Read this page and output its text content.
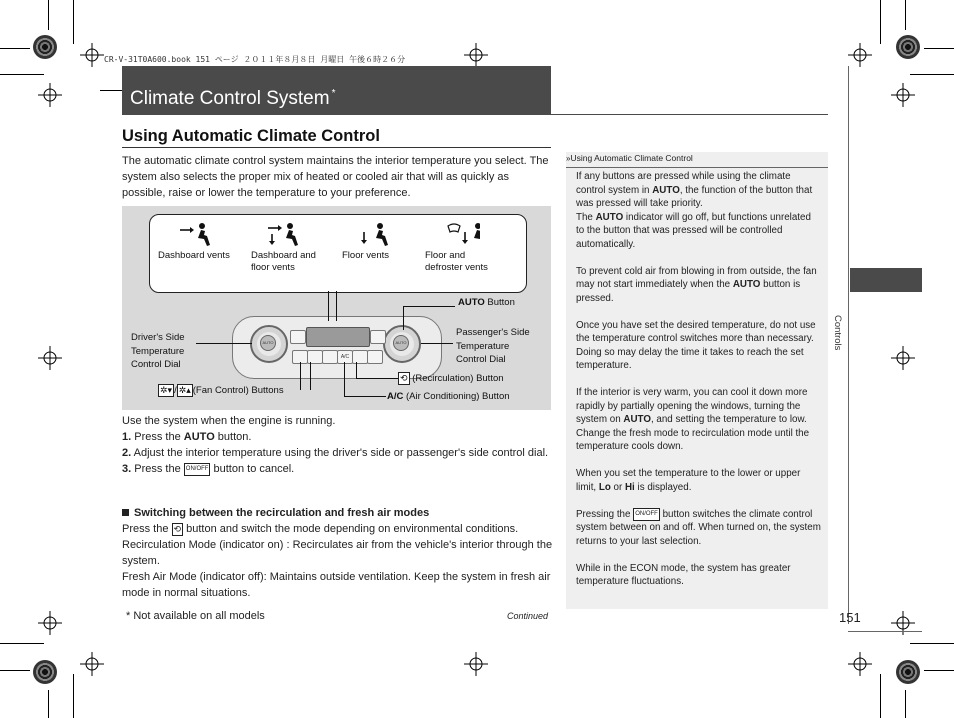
CR-V-31T0A600.book 151 ページ ２０１１年８月８日 月曜日 午後６時２６分
Climate Control System *
Controls
Using Automatic Climate Control
The automatic climate control system maintains the interior temperature you select. The system also selects the proper mix of heated or cooled air that will as quickly as possible, raise or lower the temperature to your preference.
Dashboard vents Dashboard and
floor vents
Floor vents	Floor and
defroster vents
AUTO	AUTO
A/C
AUTO Button
Driver's Side
Temperature
Control Dial
Passenger's Side
Temperature
Control Dial
✲▾ / ✲▴ (Fan Control) Buttons
⟲ (Recirculation) Button
A/C (Air Conditioning) Button
Use the system when the engine is running.
1. Press the AUTO button.
2. Adjust the interior temperature using the driver's side or passenger's side control dial.
3. Press the ON/OFF button to cancel.
Switching between the recirculation and fresh air modes
Press the ⟲ button and switch the mode depending on environmental conditions.
Recirculation Mode (indicator on) : Recirculates air from the vehicle's interior through the system.
Fresh Air Mode (indicator off): Maintains outside ventilation. Keep the system in fresh air mode in normal situations.
* Not available on all models	Continued	151
»Using Automatic Climate Control
If any buttons are pressed while using the climate control system in AUTO, the function of the button that was pressed will take priority.
The AUTO indicator will go off, but functions unrelated to the button that was pressed will be controlled automatically.
To prevent cold air from blowing in from outside, the fan may not start immediately when the AUTO button is pressed.
Once you have set the desired temperature, do not use the temperature control switches more than necessary.
Doing so may delay the time it takes to reach the set temperature.
If the interior is very warm, you can cool it down more rapidly by partially opening the windows, turning the system on AUTO, and setting the temperature to low. Change the fresh mode to recirculation mode until the temperature cools down.
When you set the temperature to the lower or upper limit, Lo or Hi is displayed.
Pressing the ON/OFF button switches the climate control system between on and off. When turned on, the system returns to your last selection.
While in the ECON mode, the system has greater temperature fluctuations.
